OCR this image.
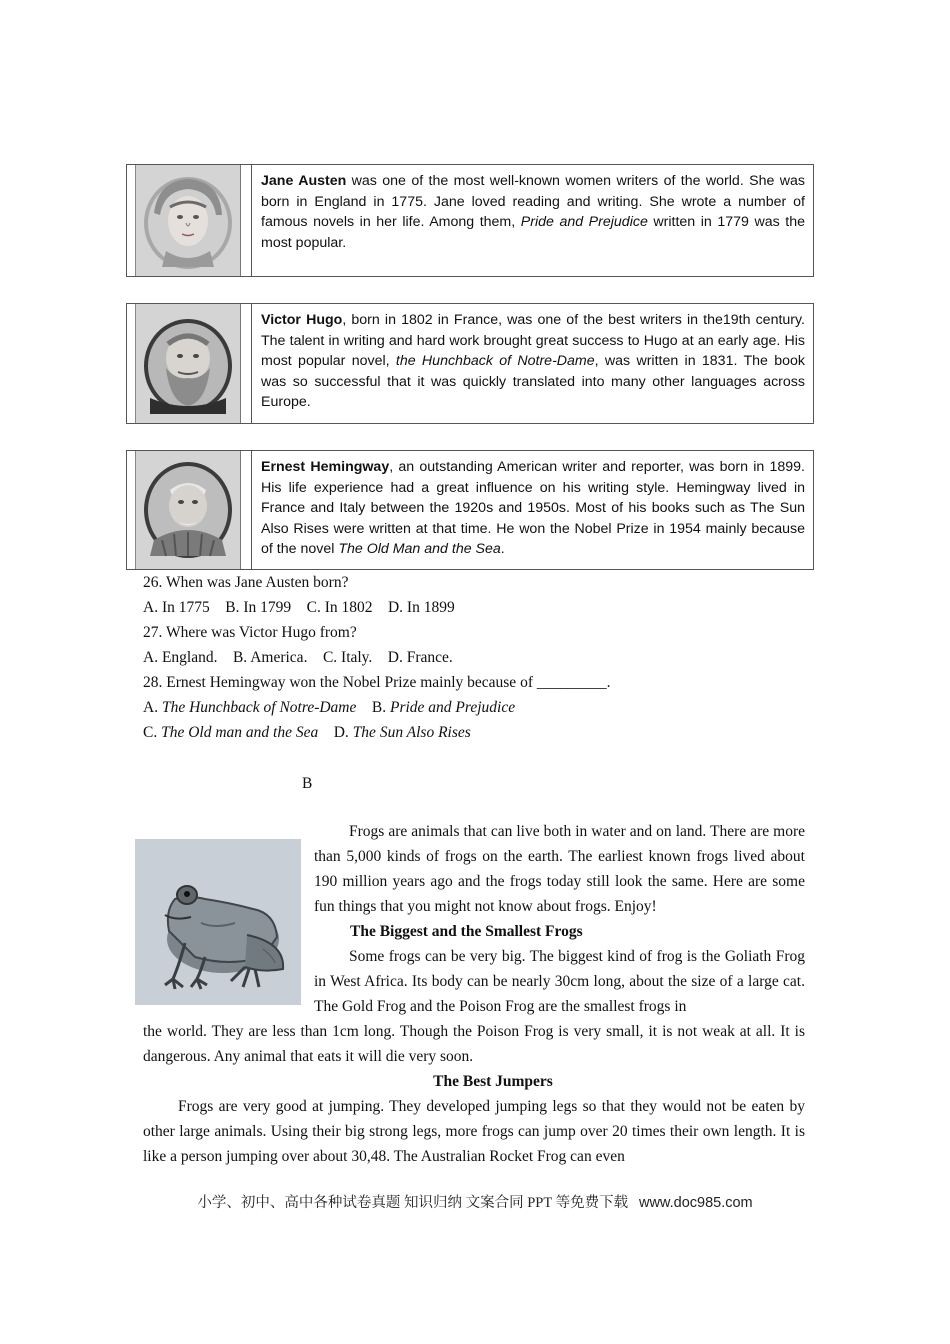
Jane Austen was one of the most well-known women writers of the world. She was born in England in 1775. Jane loved reading and writing. She wrote a number of famous novels in her life. Among them, Pride and Prejudice written in 1779 was the most popular.
Victor Hugo, born in 1802 in France, was one of the best writers in the19th century. The talent in writing and hard work brought great success to Hugo at an early age. His most popular novel, the Hunchback of Notre-Dame, was written in 1831. The book was so successful that it was quickly translated into many other languages across Europe.
Ernest Hemingway, an outstanding American writer and reporter, was born in 1899. His life experience had a great influence on his writing style. Hemingway lived in France and Italy between the 1920s and 1950s. Most of his books such as The Sun Also Rises were written at that time. He won the Nobel Prize in 1954 mainly because of the novel The Old Man and the Sea.
26. When was Jane Austen born?
A. In 1775    B. In 1799    C. In 1802    D. In 1899
27. Where was Victor Hugo from?
A. England.    B. America.    C. Italy.    D. France.
28. Ernest Hemingway won the Nobel Prize mainly because of _________.
A. The Hunchback of Notre-Dame B. Pride and Prejudice
C. The Old man and the Sea D. The Sun Also Rises
B
Frogs are animals that can live both in water and on land. There are more than 5,000 kinds of frogs on the earth. The earliest known frogs lived about 190 million years ago and the frogs today still look the same. Here are some fun things that you might not know about frogs. Enjoy!
The Biggest and the Smallest Frogs
Some frogs can be very big. The biggest kind of frog is the Goliath Frog in West Africa. Its body can be nearly 30cm long, about the size of a large cat. The Gold Frog and the Poison Frog are the smallest frogs in
the world. They are less than 1cm long. Though the Poison Frog is very small, it is not weak at all. It is dangerous. Any animal that eats it will die very soon.
The Best Jumpers
Frogs are very good at jumping. They developed jumping legs so that they would not be eaten by other large animals. Using their big strong legs, more frogs can jump over 20 times their own length. It is like a person jumping over about 30,48. The Australian Rocket Frog can even
小学、初中、高中各种试卷真题 知识归纳 文案合同 PPT 等免费下载 www.doc985.com
